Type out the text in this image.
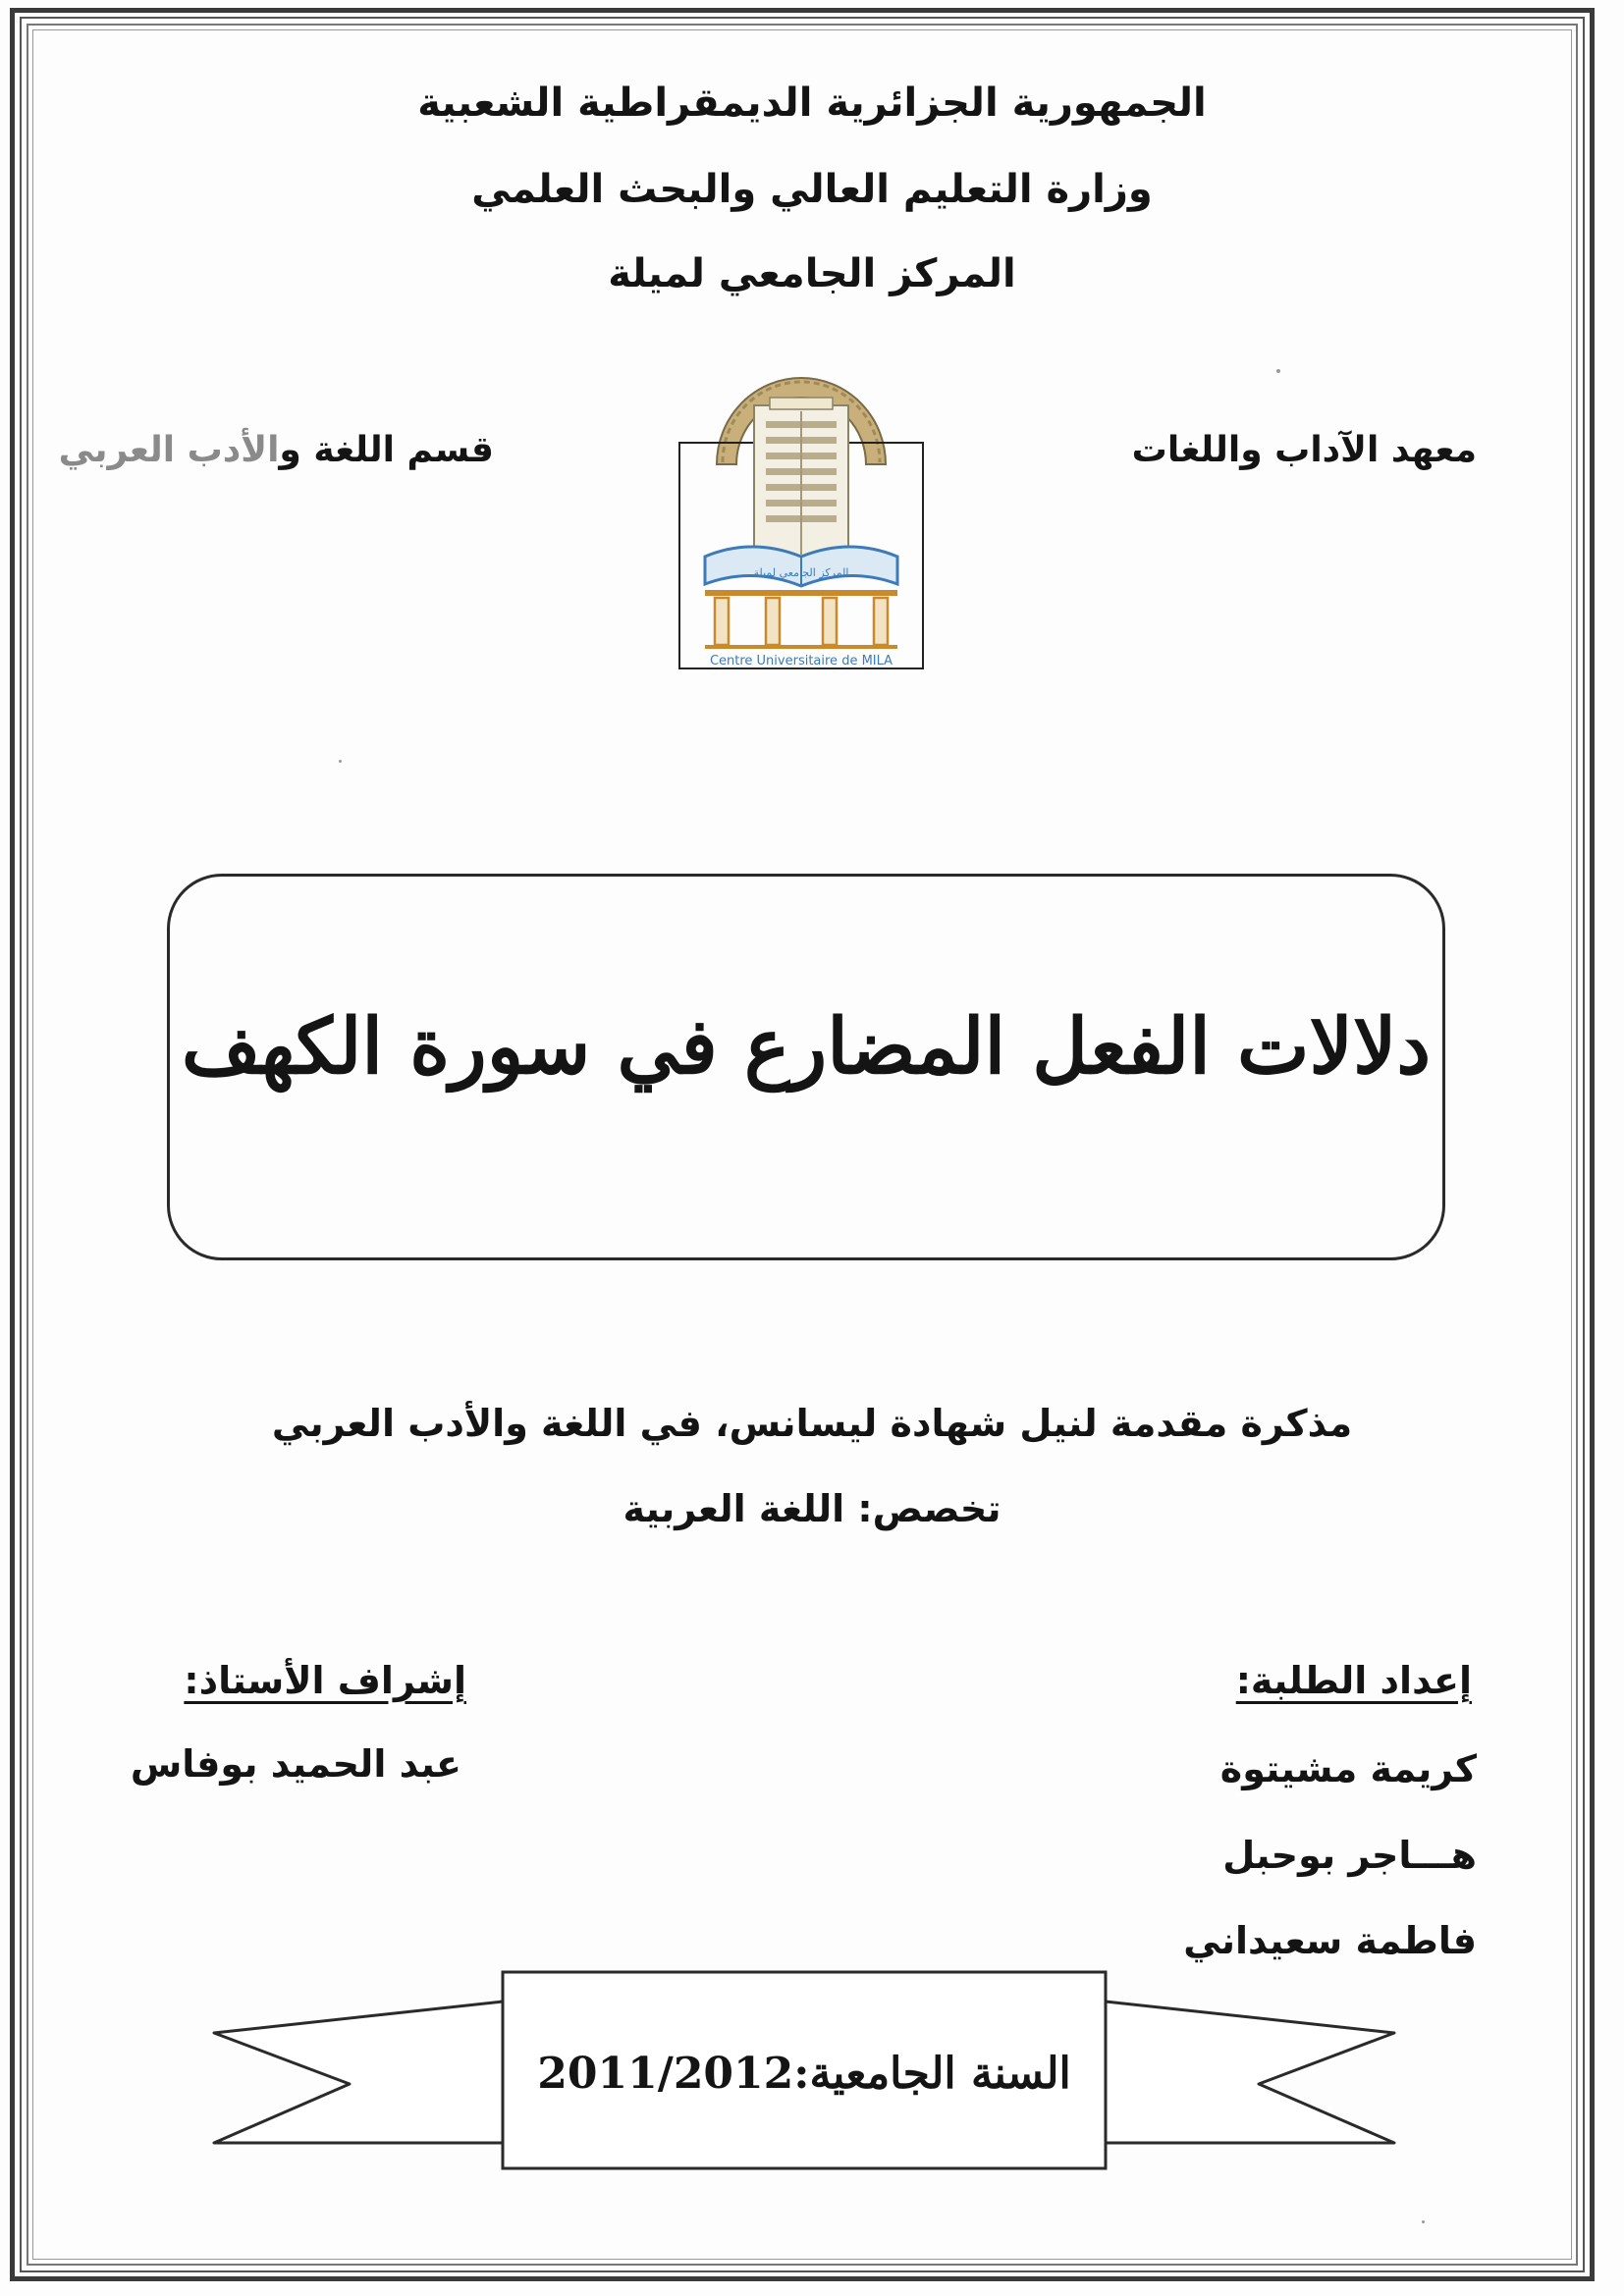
الجمهورية الجزائرية الديمقراطية الشعبية
وزارة التعليم العالي والبحث العلمي
المركز الجامعي لميلة
معهد الآداب واللغات
قسم اللغة والأدب العربي
المركز الجامعي لميلة
Centre Universitaire de MILA
دلالات الفعل المضارع في سورة الكهف
مذكرة مقدمة لنيل شهادة ليسانس، في اللغة والأدب العربي
تخصص: اللغة العربية
إعداد الطلبة:
إشراف الأستاذ:
كريمة مشيتوة
هـــاجر بوحبل
فاطمة سعيداني
عبد الحميد بوفاس
السنة الجامعية:2011/2012
